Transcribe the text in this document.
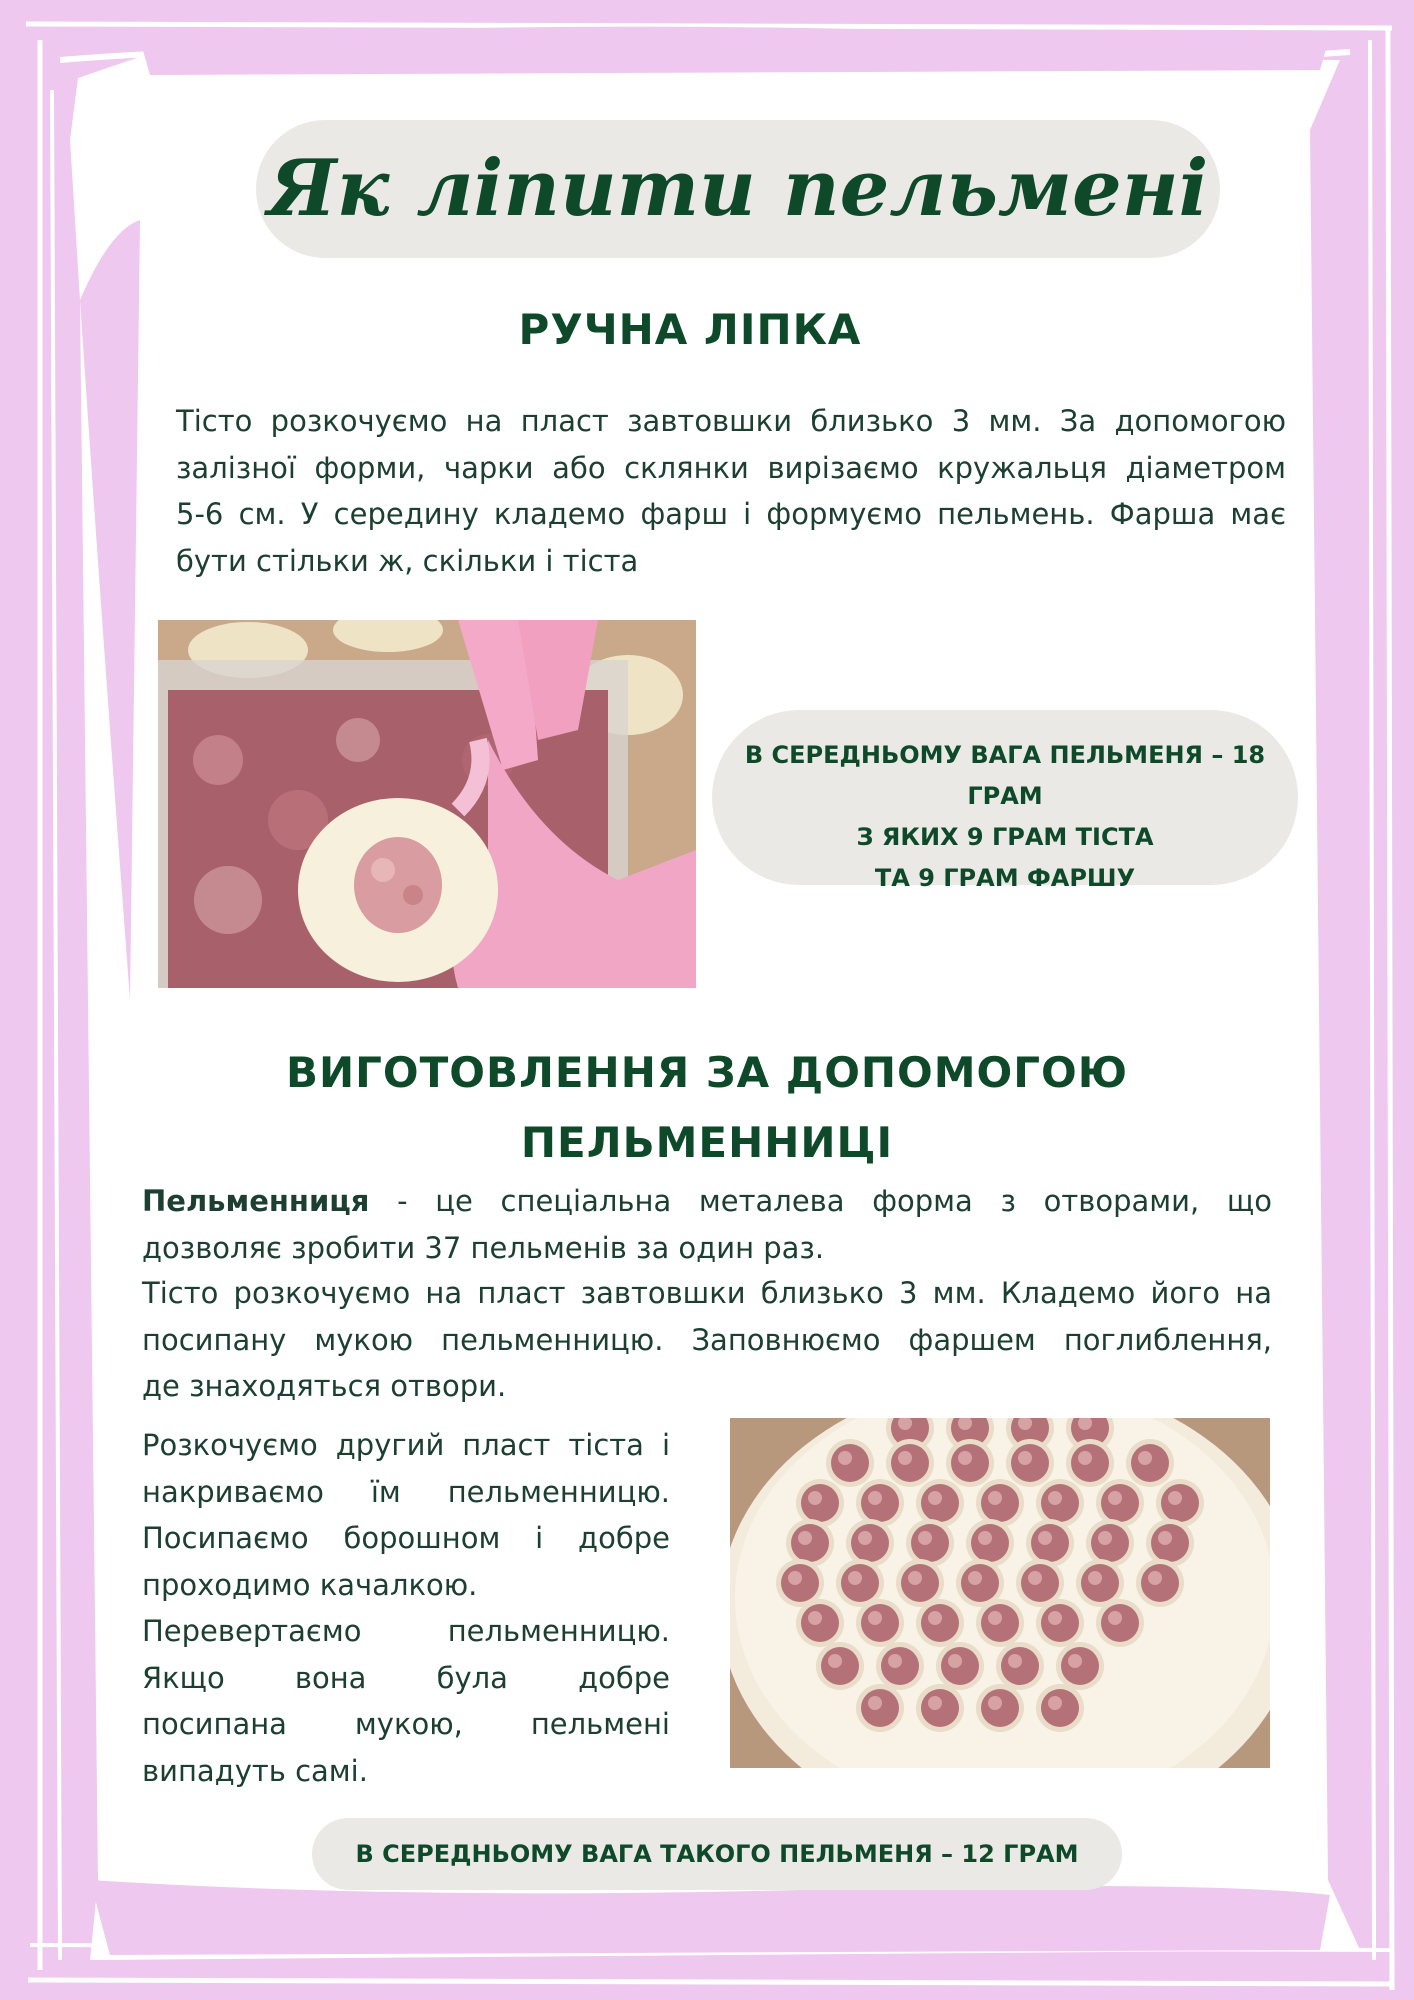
Як ліпити пельмені
РУЧНА ЛІПКА
Тісто розкочуємо на пласт завтовшки близько 3 мм. За допомогою
залізної форми, чарки або склянки вирізаємо кружальця діаметром
5-6 см. У середину кладемо фарш і формуємо пельмень. Фарша має
бути стільки ж, скільки і тіста
В СЕРЕДНЬОМУ ВАГА ПЕЛЬМЕНЯ – 18 ГРАМ
З ЯКИХ 9 ГРАМ ТІСТА
ТА 9 ГРАМ ФАРШУ
ВИГОТОВЛЕННЯ ЗА ДОПОМОГОЮ
ПЕЛЬМЕННИЦІ
Пельменниця - це спеціальна металева форма з отворами, що
дозволяє зробити 37 пельменів за один раз.
Тісто розкочуємо на пласт завтовшки близько 3 мм. Кладемо його на
посипану мукою пельменницю. Заповнюємо фаршем поглиблення,
де знаходяться отвори.
Розкочуємо другий пласт тіста і
накриваємо їм пельменницю.
Посипаємо борошном і добре
проходимо качалкою.
Перевертаємо пельменницю.
Якщо вона була добре
посипана мукою, пельмені
випадуть самі.
В СЕРЕДНЬОМУ ВАГА ТАКОГО ПЕЛЬМЕНЯ – 12 ГРАМ
